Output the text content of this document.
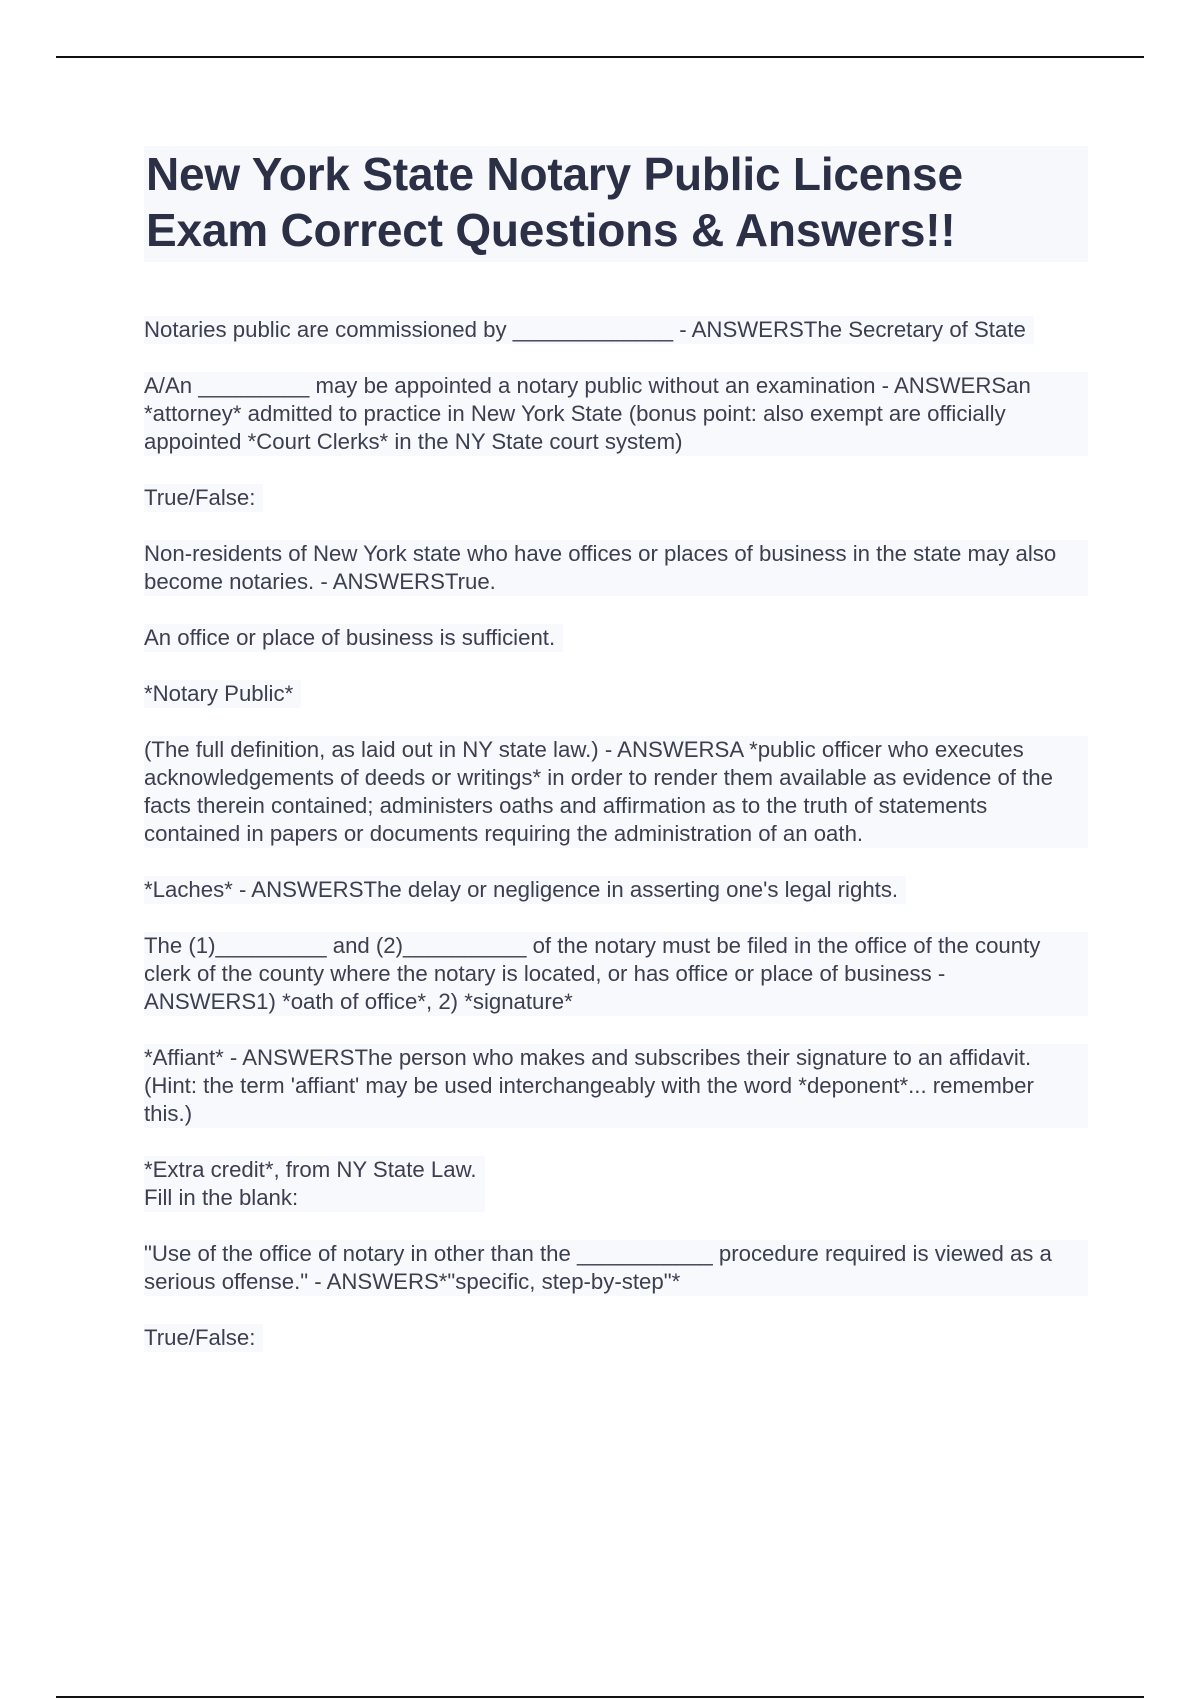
New York State Notary Public License Exam Correct Questions & Answers!!

Notaries public are commissioned by _____________ - ANSWERSThe Secretary of State

A/An _________ may be appointed a notary public without an examination - ANSWERSan *attorney* admitted to practice in New York State (bonus point: also exempt are officially appointed *Court Clerks* in the NY State court system)

True/False:

Non-residents of New York state who have offices or places of business in the state may also become notaries. - ANSWERSTrue.

An office or place of business is sufficient.

*Notary Public*

(The full definition, as laid out in NY state law.) - ANSWERSA *public officer who executes acknowledgements of deeds or writings* in order to render them available as evidence of the facts therein contained; administers oaths and affirmation as to the truth of statements contained in papers or documents requiring the administration of an oath.

*Laches* - ANSWERSThe delay or negligence in asserting one's legal rights.

The (1)_________ and (2)__________ of the notary must be filed in the office of the county clerk of the county where the notary is located, or has office or place of business - ANSWERS1) *oath of office*, 2) *signature*

*Affiant* - ANSWERSThe person who makes and subscribes their signature to an affidavit. (Hint: the term 'affiant' may be used interchangeably with the word *deponent*... remember this.)

*Extra credit*, from NY State Law.
Fill in the blank:

"Use of the office of notary in other than the ___________ procedure required is viewed as a serious offense." - ANSWERS*"specific, step-by-step"*

True/False:
